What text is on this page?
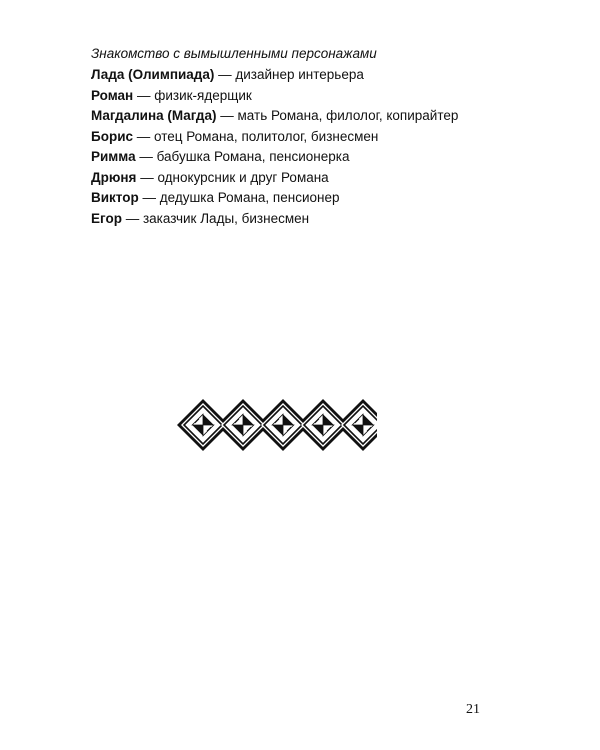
Знакомство с вымышленными персонажами

Лада (Олимпиада) — дизайнер интерьера

Роман — физик-ядерщик

Магдалина (Магда) — мать Романа, филолог, копирайтер

Борис — отец Романа, политолог, бизнесмен

Римма — бабушка Романа, пенсионерка

Дрюня — однокурсник и друг Романа

Виктор — дедушка Романа, пенсионер

Егор — заказчик Лады, бизнесмен

21
